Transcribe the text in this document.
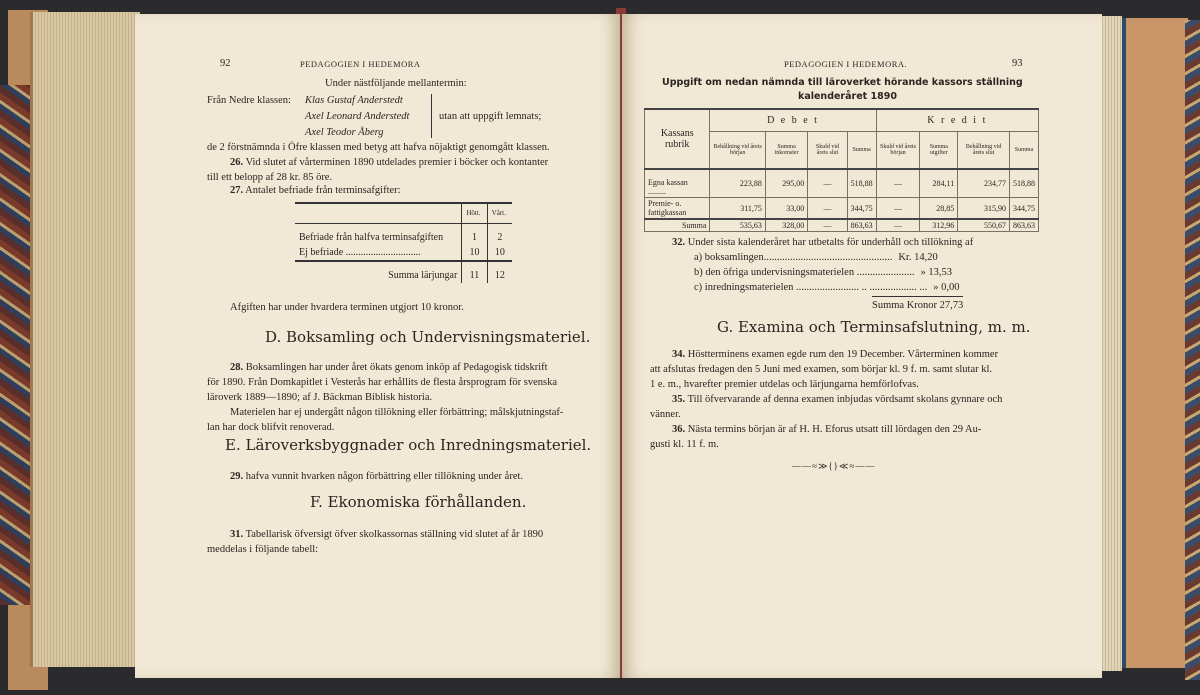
92	PEDAGOGIEN I HEDEMORA
Under nästföljande mellantermin:
Från Nedre klassen: Klas Gustaf Anderstedt
Axel Leonard Anderstedt
Axel Teodor Åberg
utan att uppgift lemnats;
de 2 förstnämnda i Öfre klassen med betyg att hafva nöjaktigt genomgått klassen.
26. Vid slutet af vårterminen 1890 utdelades premier i böcker och kontanter
till ett belopp af 28 kr. 85 öre.
27. Antalet befriade från terminsafgifter:
	Hött.	Vårt.
Befriade från halfva terminsafgiften	1	2
Ej befriade ..............................	10	10
Summa lärjungar	11	12
Afgiften har under hvardera terminen utgjort 10 kronor.
D. Boksamling och Undervisningsmateriel.
28. Boksamlingen har under året ökats genom inköp af Pedagogisk tidskrift
för 1890. Från Domkapitlet i Vesterås har erhållits de flesta årsprogram för svenska
läroverk 1889—1890; af J. Bäckman Biblisk historia.
Materielen har ej undergått någon tillökning eller förbättring; målskjutningstaf-
lan har dock blifvit renoverad.
E. Läroverksbyggnader och Inredningsmateriel.
29. hafva vunnit hvarken någon förbättring eller tillökning under året.
F. Ekonomiska förhållanden.
31. Tabellarisk öfversigt öfver skolkassornas ställning vid slutet af år 1890
meddelas i följande tabell:
PEDAGOGIEN I HEDEMORA.	93
Uppgift om nedan nämnda till läroverket hörande kassors ställning
kalenderåret 1890
Kassans rubrik	D e b e t				K r e d i t			
	Behållning vid årets början	Summa inkomster	Skuld vid årets slut	Summa	Skuld vid årets början	Summa utgifter	Behållning vid årets slut	Summa
Egna kassan .........	223,88	295,00	—	518,88	—	284,11	234,77	518,88
Premie- o. fattigkassan	311,75	33,00	—	344,75	—	28,85	315,90	344,75
Summa	535,63	328,00	—	863,63	—	312,96	550,67	863,63
32. Under sista kalenderåret har utbetalts för underhåll och tillökning af
a) boksamlingen................................................. Kr. 14,20
b) den öfriga undervisningsmaterielen ...................... » 13,53
c) inredningsmaterielen ........................ .. .................. ... » 0,00
Summa Kronor 27,73
G. Examina och Terminsafslutning, m. m.
34. Höstterminens examen egde rum den 19 December. Vårterminen kommer
att afslutas fredagen den 5 Juni med examen, som börjar kl. 9 f. m. samt slutar kl.
1 e. m., hvarefter premier utdelas och lärjungarna hemförlofvas.
35. Till öfvervarande af denna examen inbjudas vördsamt skolans gynnare och
vänner.
36. Nästa termins början är af H. H. Eforus utsatt till lördagen den 29 Au-
gusti kl. 11 f. m.
——≈≫{}≪≈——
